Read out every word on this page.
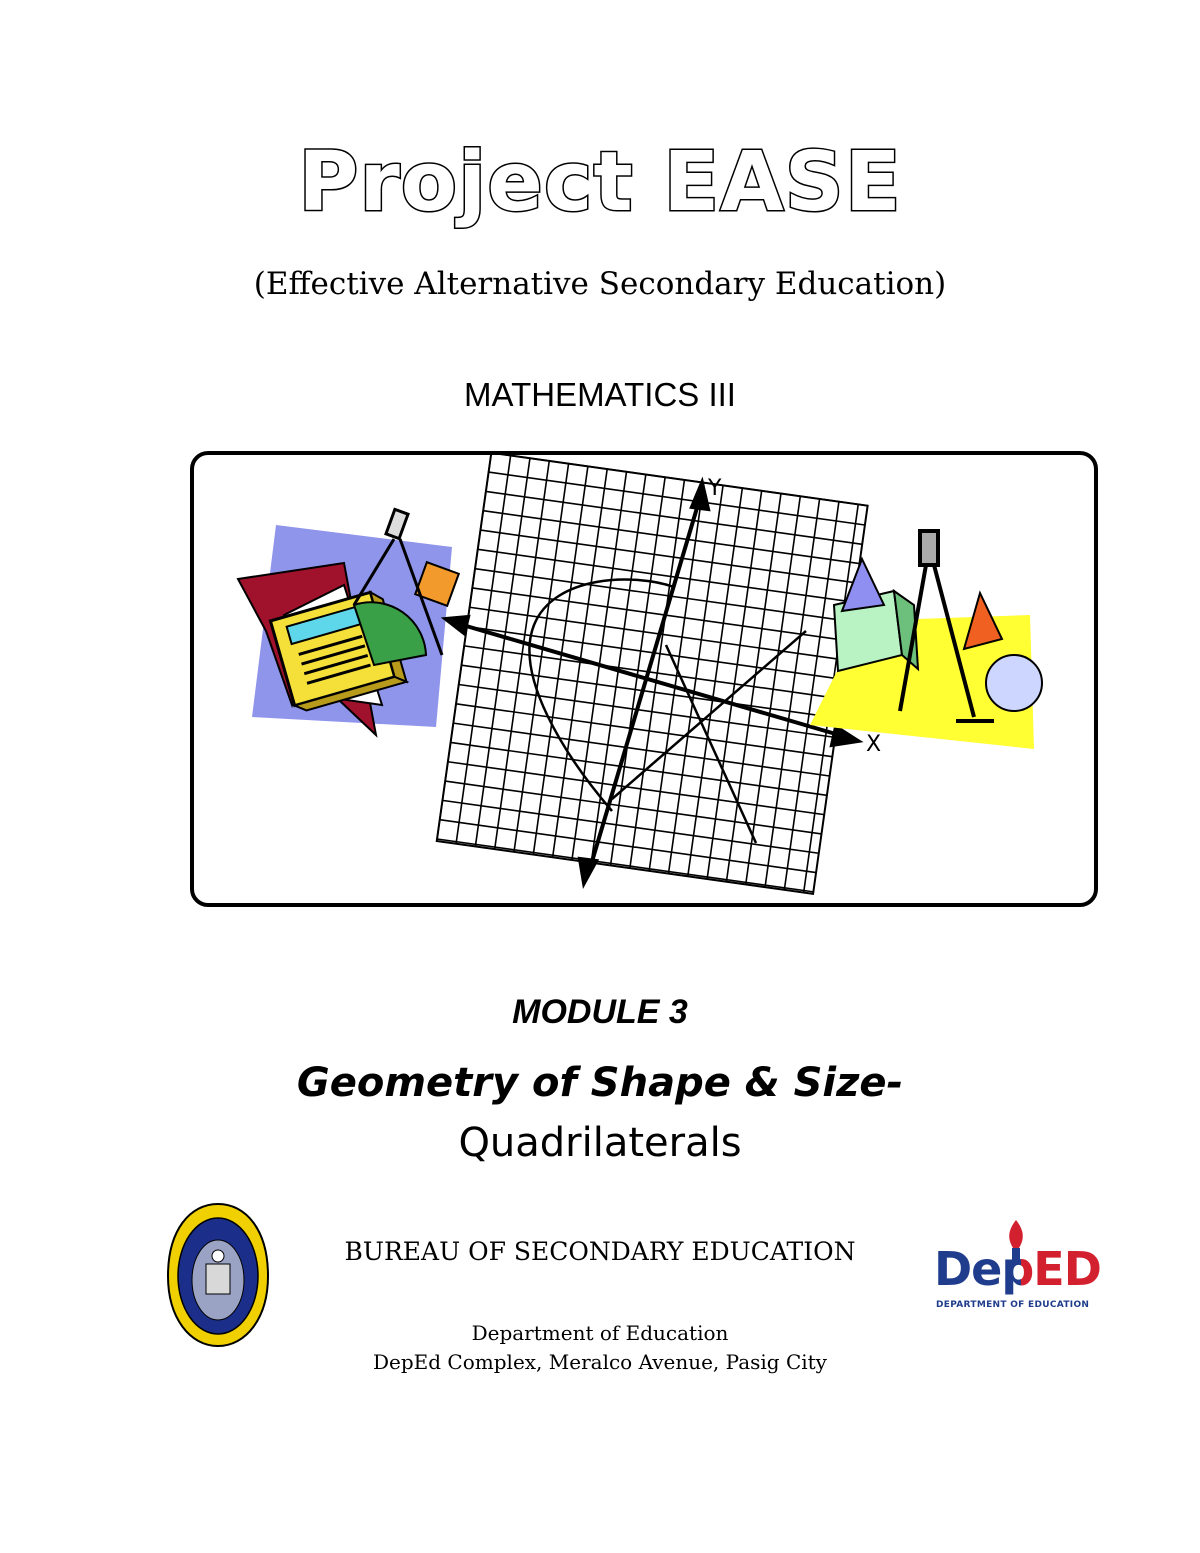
Project EASE
(Effective Alternative Secondary Education)
MATHEMATICS III
Y
X
MODULE 3
Geometry of Shape & Size-
Quadrilaterals
BUREAU OF SECONDARY EDUCATION	DepED
DEPARTMENT OF EDUCATION
Department of Education
DepEd Complex, Meralco Avenue, Pasig City
